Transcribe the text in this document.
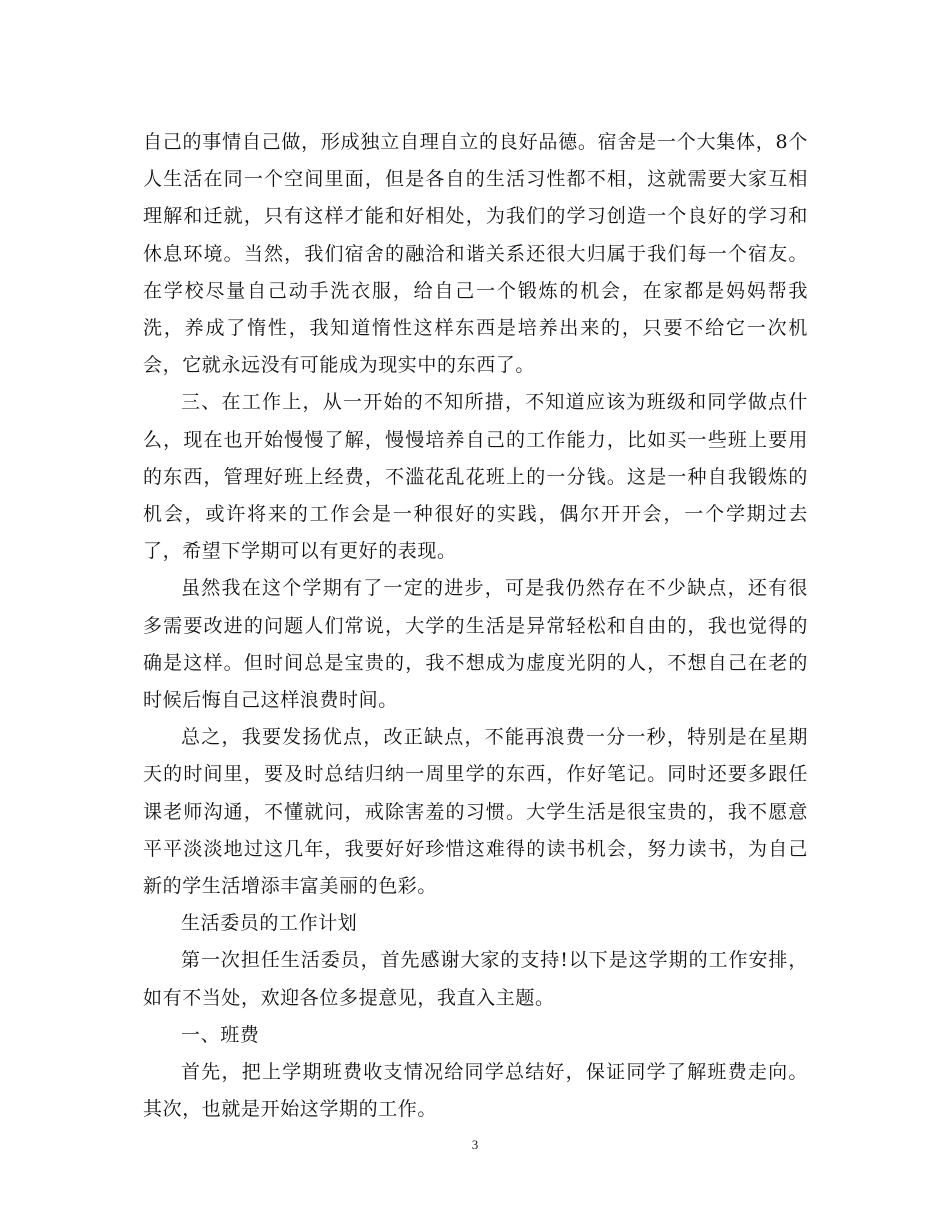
自己的事情自己做，形成独立自理自立的良好品德。宿舍是一个大集体，8个人生活在同一个空间里面，但是各自的生活习性都不相，这就需要大家互相理解和迁就，只有这样才能和好相处，为我们的学习创造一个良好的学习和休息环境。当然，我们宿舍的融洽和谐关系还很大归属于我们每一个宿友。在学校尽量自己动手洗衣服，给自己一个锻炼的机会，在家都是妈妈帮我洗，养成了惰性，我知道惰性这样东西是培养出来的，只要不给它一次机会，它就永远没有可能成为现实中的东西了。

三、在工作上，从一开始的不知所措，不知道应该为班级和同学做点什么，现在也开始慢慢了解，慢慢培养自己的工作能力，比如买一些班上要用的东西，管理好班上经费，不滥花乱花班上的一分钱。这是一种自我锻炼的机会，或许将来的工作会是一种很好的实践，偶尔开开会，一个学期过去了，希望下学期可以有更好的表现。

虽然我在这个学期有了一定的进步，可是我仍然存在不少缺点，还有很多需要改进的问题人们常说，大学的生活是异常轻松和自由的，我也觉得的确是这样。但时间总是宝贵的，我不想成为虚度光阴的人，不想自己在老的时候后悔自己这样浪费时间。

总之，我要发扬优点，改正缺点，不能再浪费一分一秒，特别是在星期天的时间里，要及时总结归纳一周里学的东西，作好笔记。同时还要多跟任课老师沟通，不懂就问，戒除害羞的习惯。大学生活是很宝贵的，我不愿意平平淡淡地过这几年，我要好好珍惜这难得的读书机会，努力读书，为自己新的学生活增添丰富美丽的色彩。

生活委员的工作计划

第一次担任生活委员，首先感谢大家的支持!以下是这学期的工作安排，如有不当处，欢迎各位多提意见，我直入主题。

一、班费

首先，把上学期班费收支情况给同学总结好，保证同学了解班费走向。其次，也就是开始这学期的工作。

3
